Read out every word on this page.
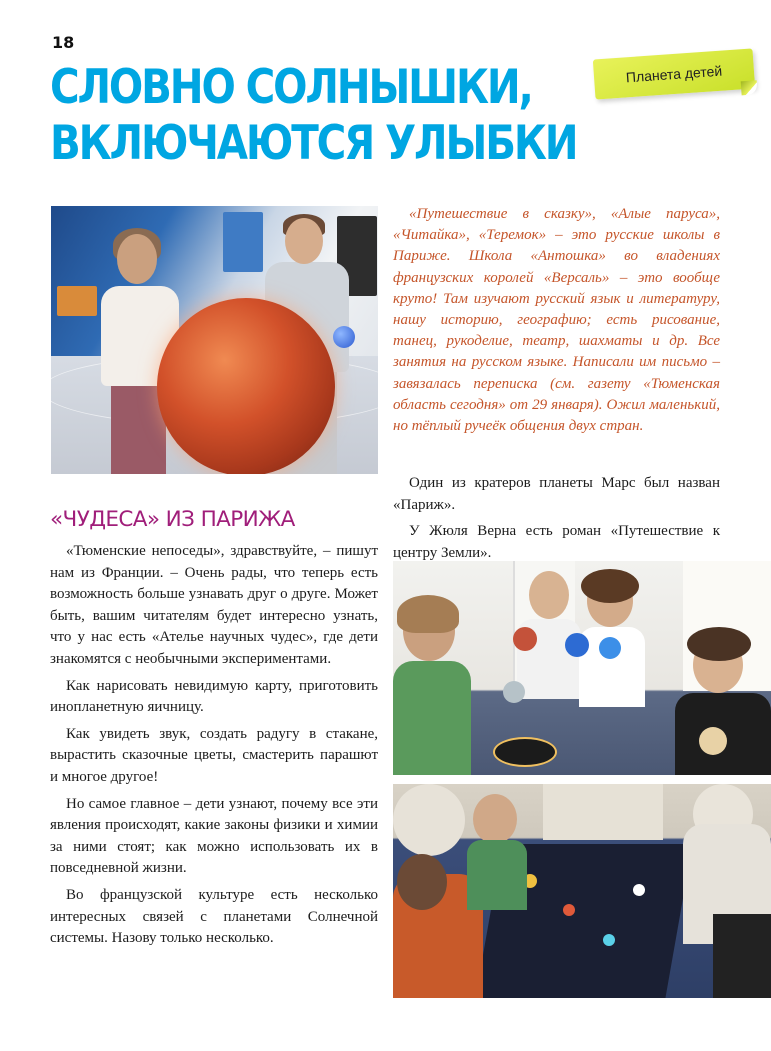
18
СЛОВНО СОЛНЫШКИ,
ВКЛЮЧАЮТСЯ УЛЫБКИ
Планета детей

«Путешествие в сказку», «Алые паруса», «Читайка», «Теремок» – это русские школы в Париже. Школа «Антошка» во владениях французских королей «Версаль» – это вообще круто! Там изучают русский язык и литературу, нашу историю, географию; есть рисование, танец, рукоделие, театр, шахматы и др. Все занятия на русском языке. Написали им письмо – завязалась переписка (см. газету «Тюменская область сегодня» от 29 января). Ожил маленький, но тёплый ручеёк общения двух стран.

«ЧУДЕСА» ИЗ ПАРИЖА

«Тюменские непоседы», здравствуйте, – пишут нам из Франции. – Очень рады, что теперь есть возможность больше узнавать друг о друге. Может быть, вашим читателям будет интересно узнать, что у нас есть «Ателье научных чудес», где дети знакомятся с необычными экспериментами.

Как нарисовать невидимую карту, приготовить инопланетную яичницу.

Как увидеть звук, создать радугу в стакане, вырастить сказочные цветы, смастерить парашют и многое другое!

Но самое главное – дети узнают, почему все эти явления происходят, какие законы физики и химии за ними стоят; как можно использовать их в повседневной жизни.

Во французской культуре есть несколько интересных связей с планетами Солнечной системы. Назову только несколько.

Один из кратеров планеты Марс был назван «Париж».

У Жюля Верна есть роман «Путешествие к центру Земли».
